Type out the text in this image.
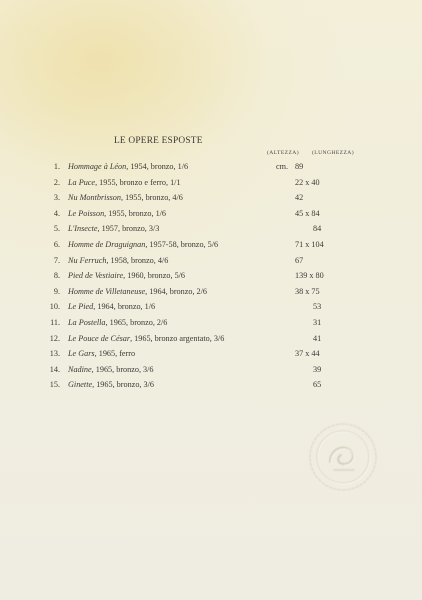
LE OPERE ESPOSTE
(ALTEZZA) (LUNGHEZZA)
1. Hommage à Léon, 1954, bronzo, 1/6	cm. 89
2. La Puce, 1955, bronzo e ferro, 1/1	22 x 40
3. Nu Montbrisson, 1955, bronzo, 4/6	42
4. Le Poisson, 1955, bronzo, 1/6	45 x 84
5. L'Insecte, 1957, bronzo, 3/3	84
6. Homme de Draguignan, 1957-58, bronzo, 5/6	71 x 104
7. Nu Ferruch, 1958, bronzo, 4/6	67
8. Pied de Vestiaire, 1960, bronzo, 5/6	139 x 80
9. Homme de Villetaneuse, 1964, bronzo, 2/6	38 x 75
10. Le Pied, 1964, bronzo, 1/6	53
11. La Postella, 1965, bronzo, 2/6	31
12. Le Pouce de César, 1965, bronzo argentato, 3/6	41
13. Le Gars, 1965, ferro	37 x 44
14. Nadine, 1965, bronzo, 3/6	39
15. Ginette, 1965, bronzo, 3/6	65
